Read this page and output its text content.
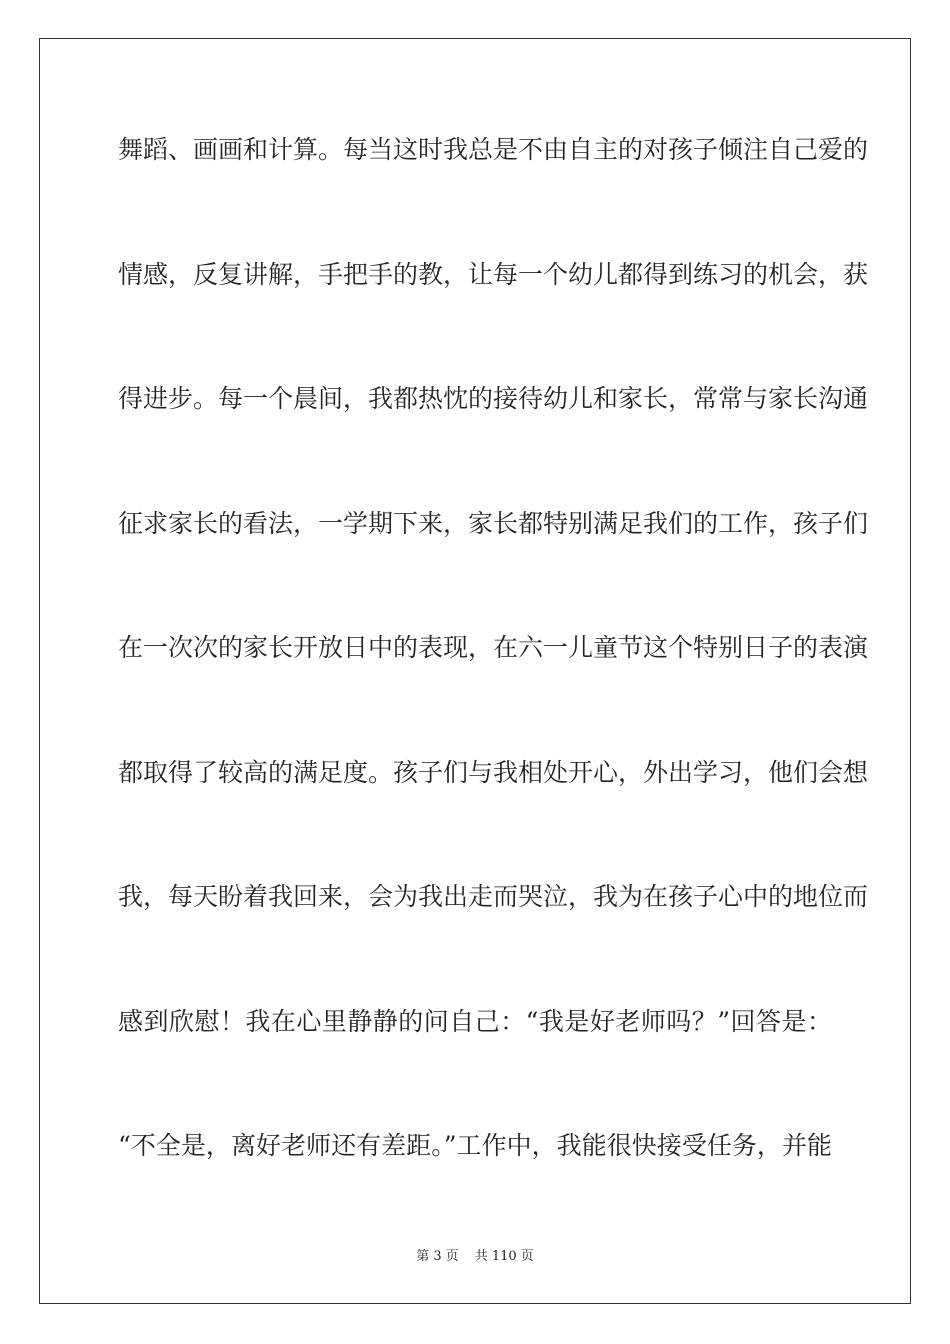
舞蹈、画画和计算。每当这时我总是不由自主的对孩子倾注自己爱的
情感，反复讲解，手把手的教，让每一个幼儿都得到练习的机会，获
得进步。每一个晨间，我都热忱的接待幼儿和家长，常常与家长沟通
征求家长的看法，一学期下来，家长都特别满足我们的工作，孩子们
在一次次的家长开放日中的表现，在六一儿童节这个特别日子的表演
都取得了较高的满足度。孩子们与我相处开心，外出学习，他们会想
我，每天盼着我回来，会为我出走而哭泣，我为在孩子心中的地位而
感到欣慰！我在心里静静的问自己：“我是好老师吗？”回答是：
“不全是，离好老师还有差距。”工作中，我能很快接受任务，并能
第 3 页 共 110 页
